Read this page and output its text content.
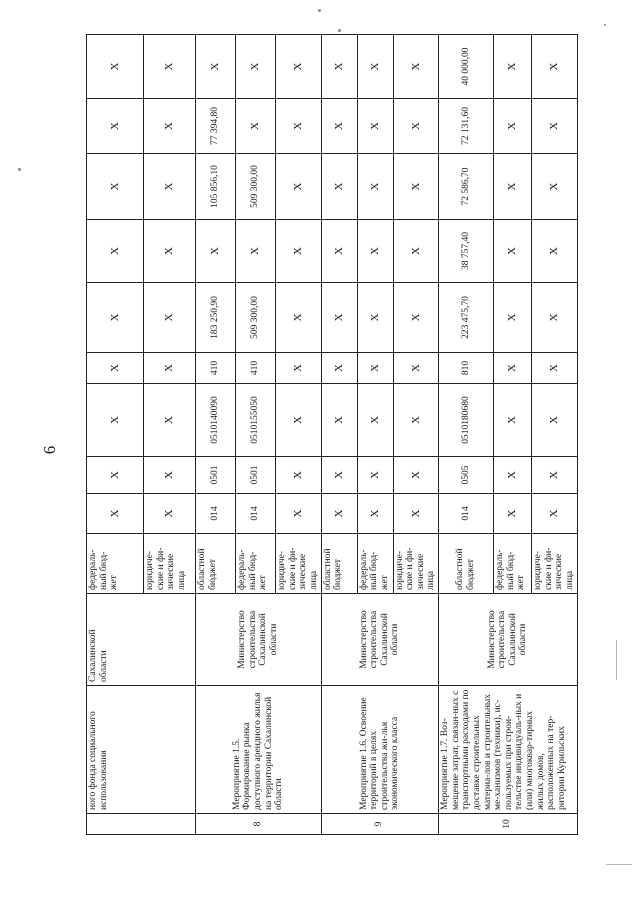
6
	ного фонда социального использования	Сахалинской области	федераль-ный бюд-жет	X	X	X	X	X	X	X	X	X
			юридиче-ские и фи-зические лица	X	X	X	X	X	X	X	X	X
8	Мероприятие 1.5. Формирование рынка доступного арендного жилья на территории Сахалинской области	Министерство строительства Сахалинской области	областной бюджет	014	0501	0510140090	410	183 250,90	X	105 856,10	77 394,80	X
			федераль-ный бюд-жет	014	0501	0510155050	410	509 300,00	X	509 300,00	X	X
			юридиче-ские и фи-зические лица	X	X	X	X	X	X	X	X	X
9	Мероприятие 1.6. Освоение территорий в целях строительства жи-лья экономического класса	Министерство строительства Сахалинской области	областной бюджет	X	X	X	X	X	X	X	X	X
			федераль-ный бюд-жет	X	X	X	X	X	X	X	X	X
			юридиче-ские и фи-зические лица	X	X	X	X	X	X	X	X	X
10	Мероприятие 1.7. Воз-мещение затрат, связан-ных с транспортными расходами по доставке строительных материа-лов и строительных ме-ханизмов (техники), ис-пользуемых при строи-тельстве индивидуаль-ных и (или) многоквар-тирных жилых домов, расположенных на тер-ритории Курильских	Министерство строительства Сахалинской области	областной бюджет	014	0505	0510180680	810	223 475,70	38 757,40	72 586,70	72 131,60	40 000,00
			федераль-ный бюд-жет	X	X	X	X	X	X	X	X	X
			юридиче-ские и фи-зические лица	X	X	X	X	X	X	X	X	X
